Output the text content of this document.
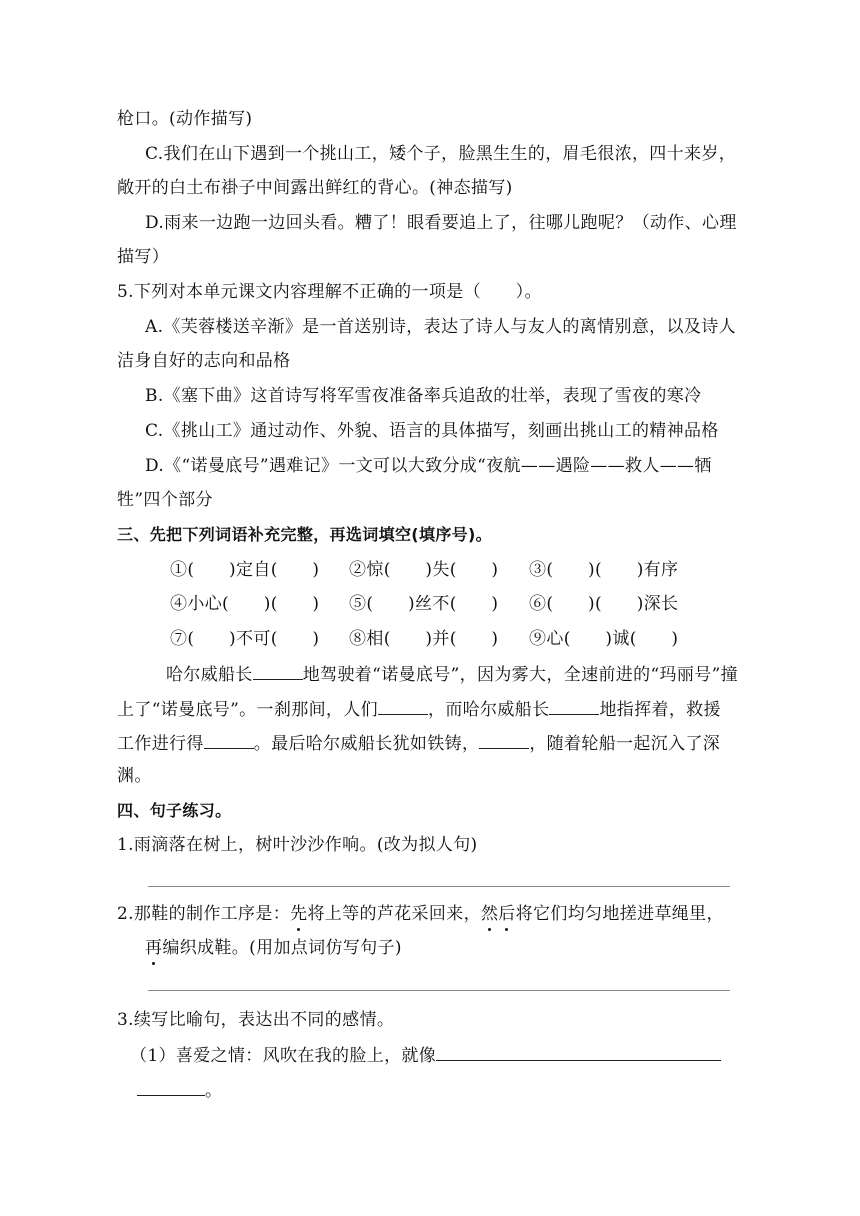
枪口。(动作描写)
C.我们在山下遇到一个挑山工，矮个子，脸黑生生的，眉毛很浓，四十来岁，
敞开的白土布褂子中间露出鲜红的背心。(神态描写)
D.雨来一边跑一边回头看。糟了！眼看要追上了，往哪儿跑呢？（动作、心理
描写）
5.下列对本单元课文内容理解不正确的一项是（　　）。
A.《芙蓉楼送辛渐》是一首送别诗，表达了诗人与友人的离情别意，以及诗人
洁身自好的志向和品格
B.《塞下曲》这首诗写将军雪夜准备率兵追敌的壮举，表现了雪夜的寒冷
C.《挑山工》通过动作、外貌、语言的具体描写，刻画出挑山工的精神品格
D.《“诺曼底号”遇难记》一文可以大致分成“夜航——遇险——救人——牺
牲”四个部分
三、先把下列词语补充完整，再选词填空(填序号)。
①(　　)定自(　　) ②惊(　　)失(　　) ③(　　)(　　)有序
④小心(　　)(　　) ⑤(　　)丝不(　　) ⑥(　　)(　　)深长
⑦(　　)不可(　　) ⑧相(　　)并(　　) ⑨心(　　)诚(　　)
哈尔威船长	地驾驶着“诺曼底号”，因为雾大，全速前进的“玛丽号”撞
上了“诺曼底号”。一刹那间，人们	，而哈尔威船长	地指挥着，救援
工作进行得	。最后哈尔威船长犹如铁铸，	，随着轮船一起沉入了深
渊。
四、句子练习。
1.雨滴落在树上，树叶沙沙作响。(改为拟人句)
2.那鞋的制作工序是：先将上等的芦花采回来，然后将它们均匀地搓进草绳里，
再编织成鞋。(用加点词仿写句子)
3.续写比喻句，表达出不同的感情。
（1）喜爱之情：风吹在我的脸上，就像
。
